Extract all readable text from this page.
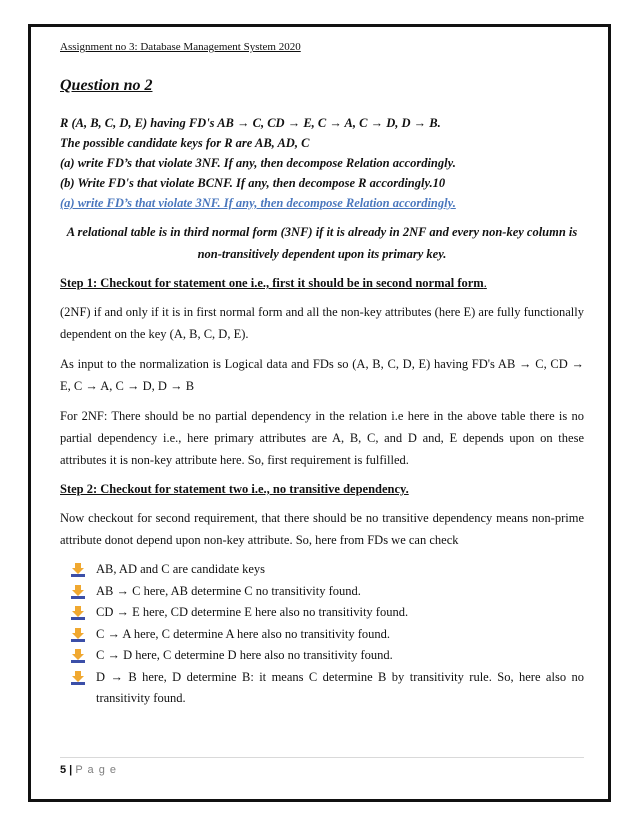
Assignment no 3: Database Management System 2020

Question no 2

R (A, B, C, D, E) having FD's AB → C, CD → E, C → A, C → D, D → B.

The possible candidate keys for R are AB, AD, C

(a) write FD’s that violate 3NF. If any, then decompose Relation accordingly.

(b) Write FD's that violate BCNF. If any, then decompose R accordingly.10

(a) write FD’s that violate 3NF. If any, then decompose Relation accordingly.

A relational table is in third normal form (3NF) if it is already in 2NF and every non-key column is non-transitively dependent upon its primary key.

Step 1: Checkout for statement one i.e., first it should be in second normal form.

(2NF) if and only if it is in first normal form and all the non-key attributes (here E) are fully functionally dependent on the key (A, B, C, D, E).

As input to the normalization is Logical data and FDs so (A, B, C, D, E) having FD's AB → C, CD → E, C → A, C → D, D → B

For 2NF: There should be no partial dependency in the relation i.e here in the above table there is no partial dependency i.e., here primary attributes are A, B, C, and D and, E depends upon on these attributes it is non-key attribute here. So, first requirement is fulfilled.

Step 2: Checkout for statement two i.e., no transitive dependency.

Now checkout for second requirement, that there should be no transitive dependency means non-prime attribute donot depend upon non-key attribute. So, here from FDs we can check

AB, AD and C are candidate keys
AB → C here, AB determine C no transitivity found.
CD → E here, CD determine E here also no transitivity found.
C → A here, C determine A here also no transitivity found.
C → D here, C determine D here also no transitivity found.
D → B here, D determine B: it means C determine B by transitivity rule. So, here also no transitivity found.
5 | P a g e
